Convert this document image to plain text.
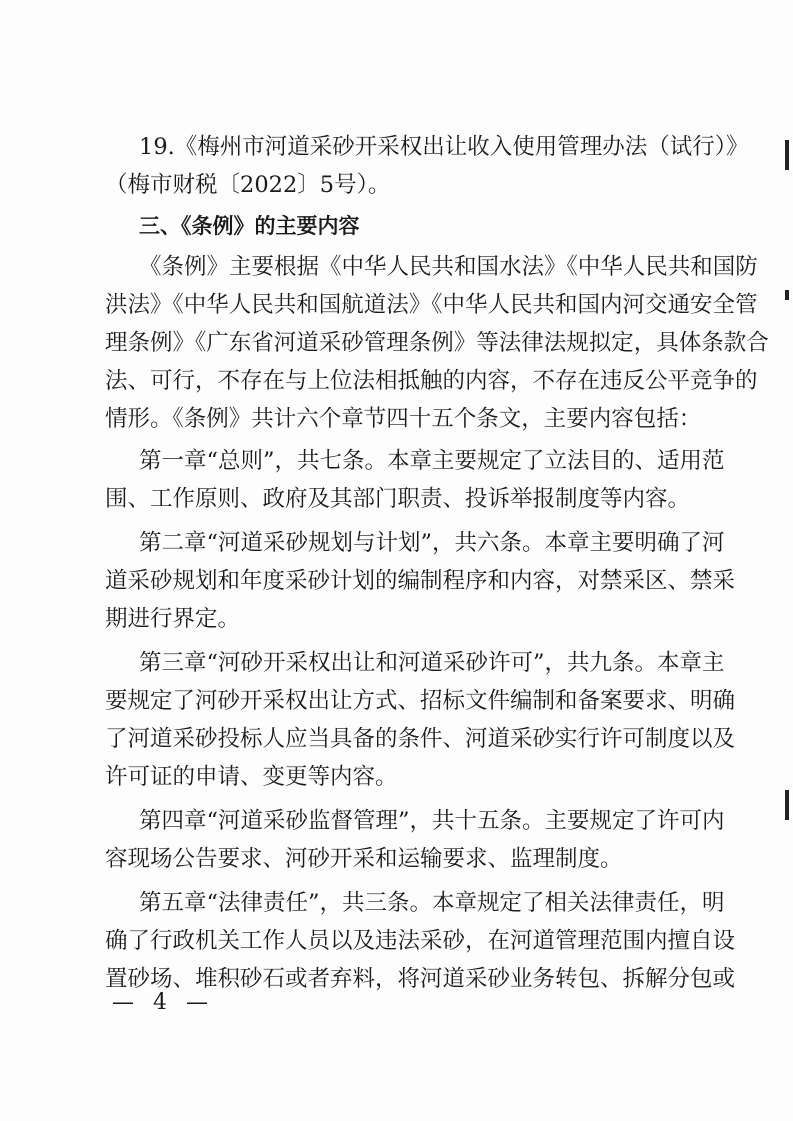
19.《梅州市河道采砂开采权出让收入使用管理办法（试行）》
（梅市财税〔2022〕5号）。
三、《条例》的主要内容
《条例》主要根据《中华人民共和国水法》《中华人民共和国防
洪法》《中华人民共和国航道法》《中华人民共和国内河交通安全管
理条例》《广东省河道采砂管理条例》等法律法规拟定，具体条款合
法、可行，不存在与上位法相抵触的内容，不存在违反公平竞争的
情形。《条例》共计六个章节四十五个条文，主要内容包括：
第一章“总则”，共七条。本章主要规定了立法目的、适用范
围、工作原则、政府及其部门职责、投诉举报制度等内容。
第二章“河道采砂规划与计划”，共六条。本章主要明确了河
道采砂规划和年度采砂计划的编制程序和内容，对禁采区、禁采
期进行界定。
第三章“河砂开采权出让和河道采砂许可”，共九条。本章主
要规定了河砂开采权出让方式、招标文件编制和备案要求、明确
了河道采砂投标人应当具备的条件、河道采砂实行许可制度以及
许可证的申请、变更等内容。
第四章“河道采砂监督管理”，共十五条。主要规定了许可内
容现场公告要求、河砂开采和运输要求、监理制度。
第五章“法律责任”，共三条。本章规定了相关法律责任，明
确了行政机关工作人员以及违法采砂，在河道管理范围内擅自设
置砂场、堆积砂石或者弃料，将河道采砂业务转包、拆解分包或
— 4 —
